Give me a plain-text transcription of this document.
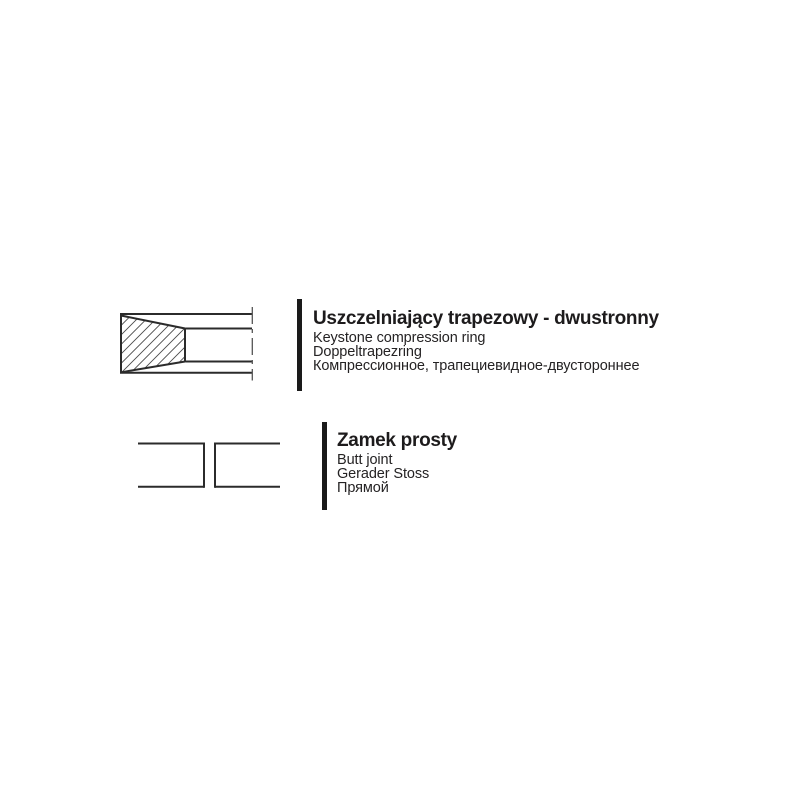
Uszczelniający trapezowy - dwustronny
Keystone compression ring
Doppeltrapezring
Компрессионное, трапециевидное-двустороннее
Zamek prosty
Butt joint
Gerader Stoss
Прямой
